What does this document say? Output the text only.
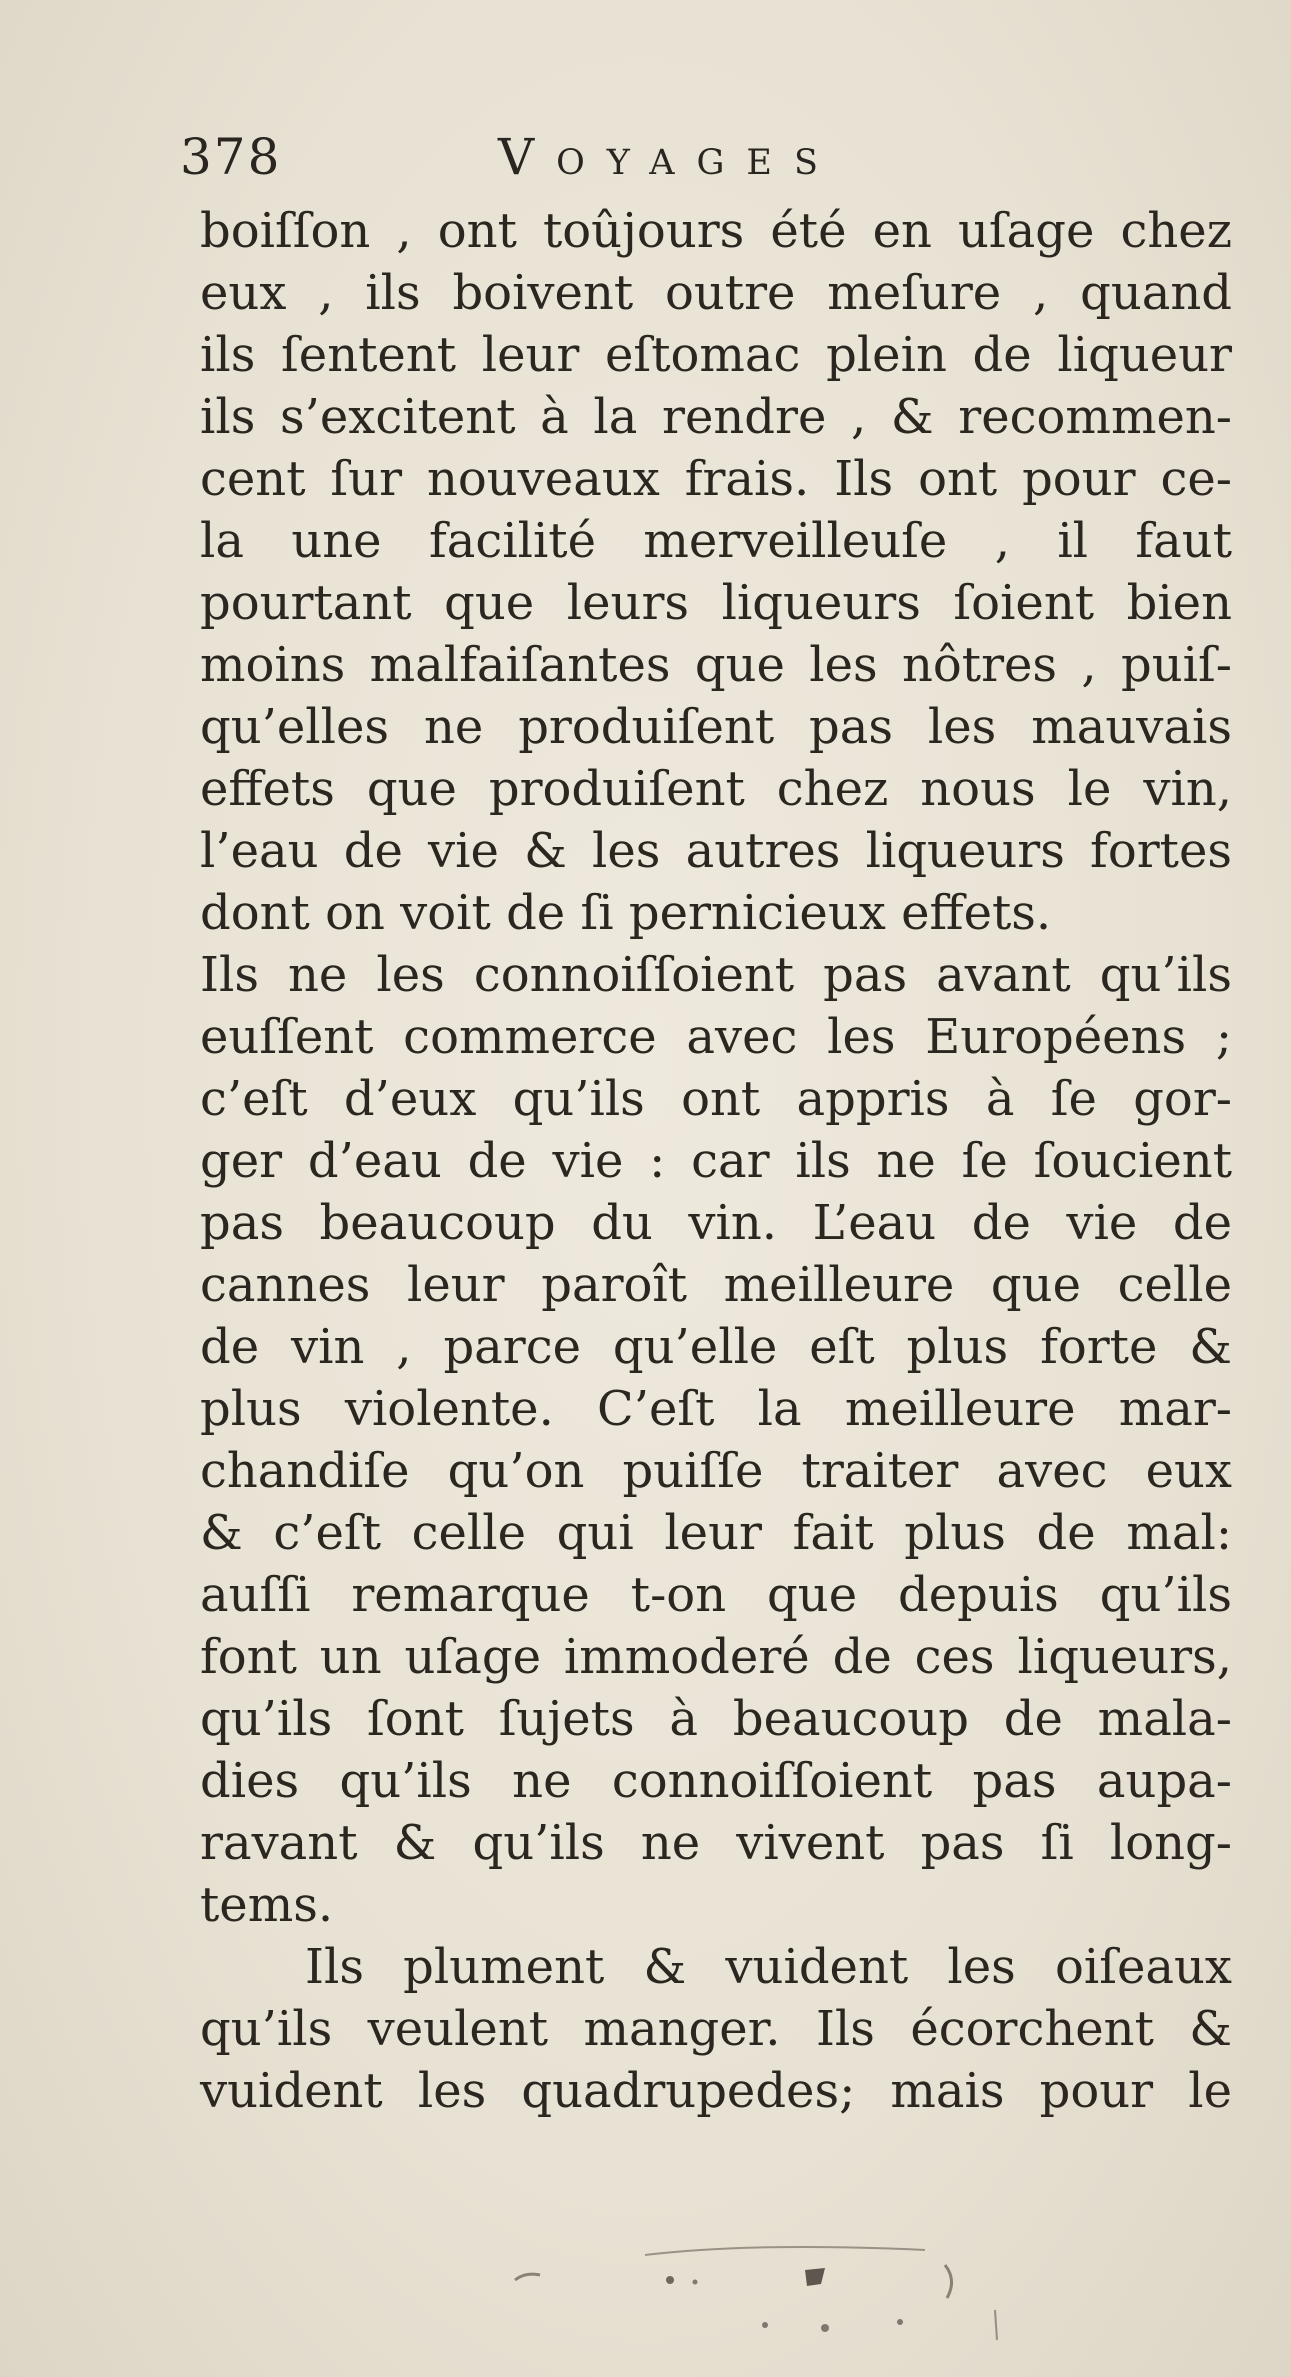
378	Voyages
boiſſon , ont toûjours été en uſage chez
eux , ils boivent outre meſure , quand
ils ſentent leur eſtomac plein de liqueur
ils s’excitent à la rendre , & recommen-
cent ſur nouveaux frais. Ils ont pour ce-
la une facilité merveilleuſe , il faut
pourtant que leurs liqueurs ſoient bien
moins malfaiſantes que les nôtres , puiſ-
qu’elles ne produiſent pas les mauvais
effets que produiſent chez nous le vin,
l’eau de vie & les autres liqueurs fortes
dont on voit de ſi pernicieux effets.
Ils ne les connoiſſoient pas avant qu’ils
euſſent commerce avec les Européens ;
c’eſt d’eux qu’ils ont appris à ſe gor-
ger d’eau de vie : car ils ne ſe ſoucient
pas beaucoup du vin. L’eau de vie de
cannes leur paroît meilleure que celle
de vin , parce qu’elle eſt plus forte &
plus violente. C’eſt la meilleure mar-
chandiſe qu’on puiſſe traiter avec eux
& c’eſt celle qui leur fait plus de mal:
auſſi remarque t-on que depuis qu’ils
font un uſage immoderé de ces liqueurs,
qu’ils ſont ſujets à beaucoup de mala-
dies qu’ils ne connoiſſoient pas aupa-
ravant & qu’ils ne vivent pas ſi long-
tems.
Ils plument & vuident les oiſeaux
qu’ils veulent manger. Ils écorchent &
vuident les quadrupedes; mais pour le
